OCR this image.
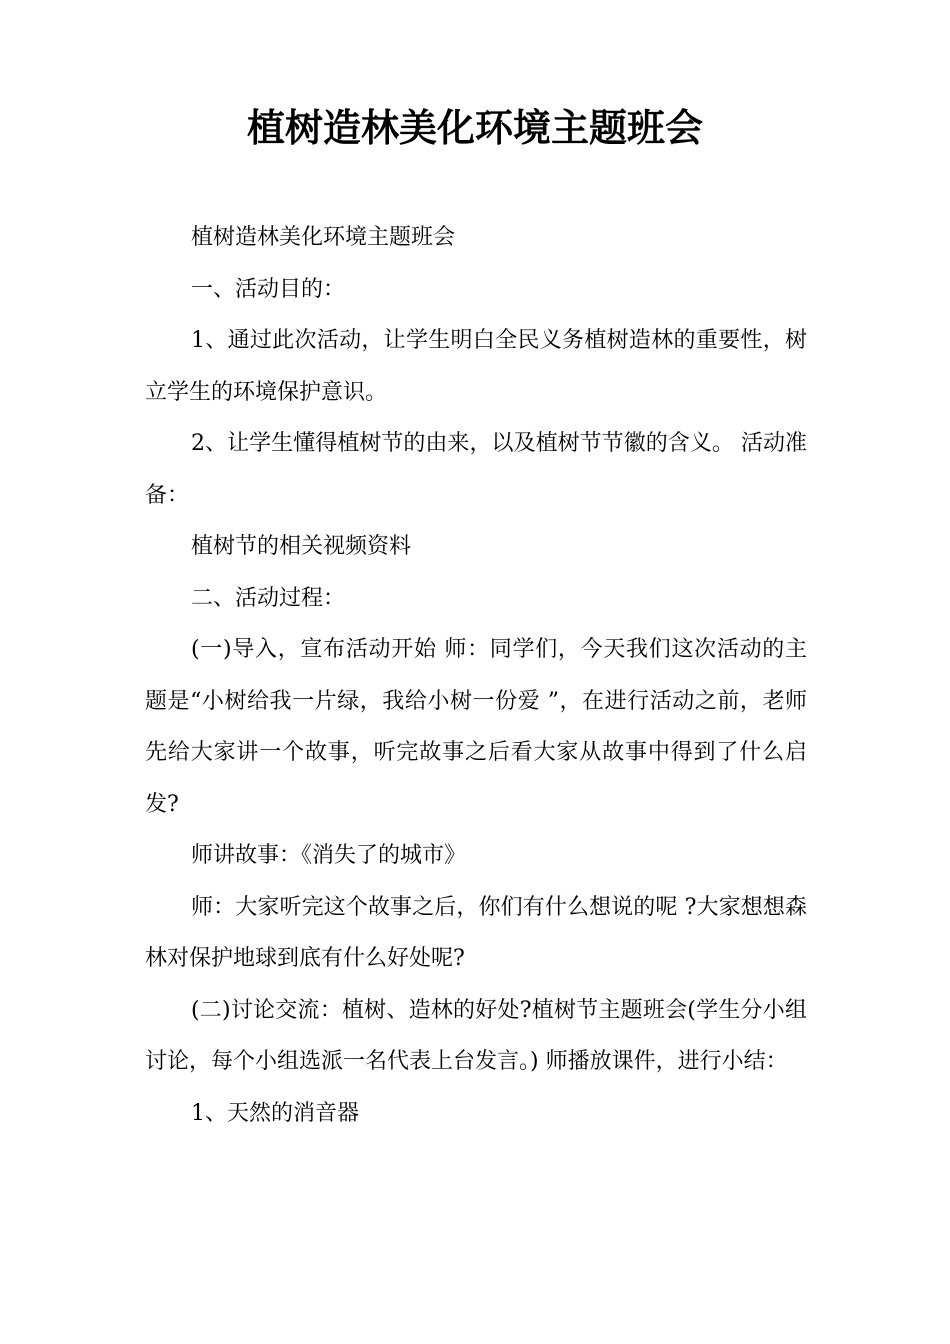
植树造林美化环境主题班会

植树造林美化环境主题班会

一、活动目的：

1、通过此次活动，让学生明白全民义务植树造林的重要性，树立学生的环境保护意识。

2、让学生懂得植树节的由来，以及植树节节徽的含义。 活动准备：

植树节的相关视频资料

二、活动过程：

(一)导入，宣布活动开始 师：同学们，今天我们这次活动的主题是“小树给我一片绿，我给小树一份爱 ”，在进行活动之前，老师先给大家讲一个故事，听完故事之后看大家从故事中得到了什么启发?

师讲故事：《消失了的城市》

师：大家听完这个故事之后，你们有什么想说的呢 ?大家想想森林对保护地球到底有什么好处呢?

(二)讨论交流：植树、造林的好处?植树节主题班会(学生分小组讨论，每个小组选派一名代表上台发言。) 师播放课件，进行小结：

1、天然的消音器
